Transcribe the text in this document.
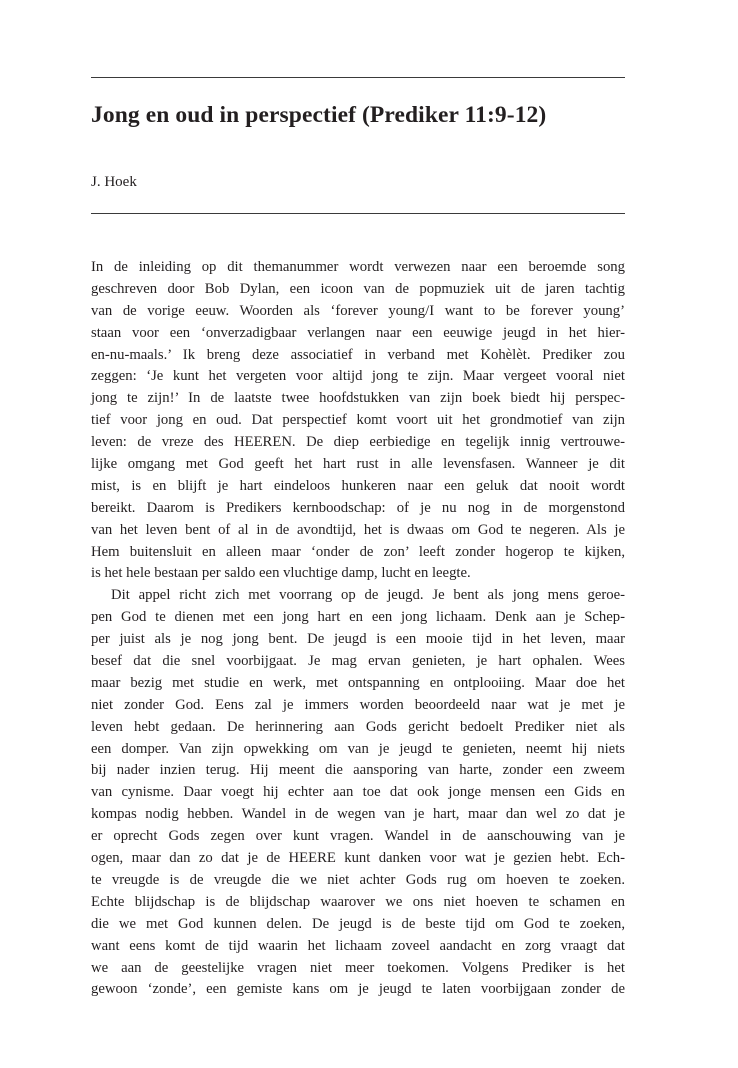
Jong en oud in perspectief (Prediker 11:9-12)

J. Hoek

In de inleiding op dit themanummer wordt verwezen naar een beroemde song
geschreven door Bob Dylan, een icoon van de popmuziek uit de jaren tachtig
van de vorige eeuw. Woorden als ‘forever young/I want to be forever young’
staan voor een ‘onverzadigbaar verlangen naar een eeuwige jeugd in het hier-
en-nu-maals.’ Ik breng deze associatief in verband met Kohèlèt. Prediker zou
zeggen: ‘Je kunt het vergeten voor altijd jong te zijn. Maar vergeet vooral niet
jong te zijn!’ In de laatste twee hoofdstukken van zijn boek biedt hij perspec-
tief voor jong en oud. Dat perspectief komt voort uit het grondmotief van zijn
leven: de vreze des HEEREN. De diep eerbiedige en tegelijk innig vertrouwe-
lijke omgang met God geeft het hart rust in alle levensfasen. Wanneer je dit
mist, is en blijft je hart eindeloos hunkeren naar een geluk dat nooit wordt
bereikt. Daarom is Predikers kernboodschap: of je nu nog in de morgenstond
van het leven bent of al in de avondtijd, het is dwaas om God te negeren. Als je
Hem buitensluit en alleen maar ‘onder de zon’ leeft zonder hogerop te kijken,
is het hele bestaan per saldo een vluchtige damp, lucht en leegte.
Dit appel richt zich met voorrang op de jeugd. Je bent als jong mens geroe-
pen God te dienen met een jong hart en een jong lichaam. Denk aan je Schep-
per juist als je nog jong bent. De jeugd is een mooie tijd in het leven, maar
besef dat die snel voorbijgaat. Je mag ervan genieten, je hart ophalen. Wees
maar bezig met studie en werk, met ontspanning en ontplooiing. Maar doe het
niet zonder God. Eens zal je immers worden beoordeeld naar wat je met je
leven hebt gedaan. De herinnering aan Gods gericht bedoelt Prediker niet als
een domper. Van zijn opwekking om van je jeugd te genieten, neemt hij niets
bij nader inzien terug. Hij meent die aansporing van harte, zonder een zweem
van cynisme. Daar voegt hij echter aan toe dat ook jonge mensen een Gids en
kompas nodig hebben. Wandel in de wegen van je hart, maar dan wel zo dat je
er oprecht Gods zegen over kunt vragen. Wandel in de aanschouwing van je
ogen, maar dan zo dat je de HEERE kunt danken voor wat je gezien hebt. Ech-
te vreugde is de vreugde die we niet achter Gods rug om hoeven te zoeken.
Echte blijdschap is de blijdschap waarover we ons niet hoeven te schamen en
die we met God kunnen delen. De jeugd is de beste tijd om God te zoeken,
want eens komt de tijd waarin het lichaam zoveel aandacht en zorg vraagt dat
we aan de geestelijke vragen niet meer toekomen. Volgens Prediker is het
gewoon ‘zonde’, een gemiste kans om je jeugd te laten voorbijgaan zonder de
